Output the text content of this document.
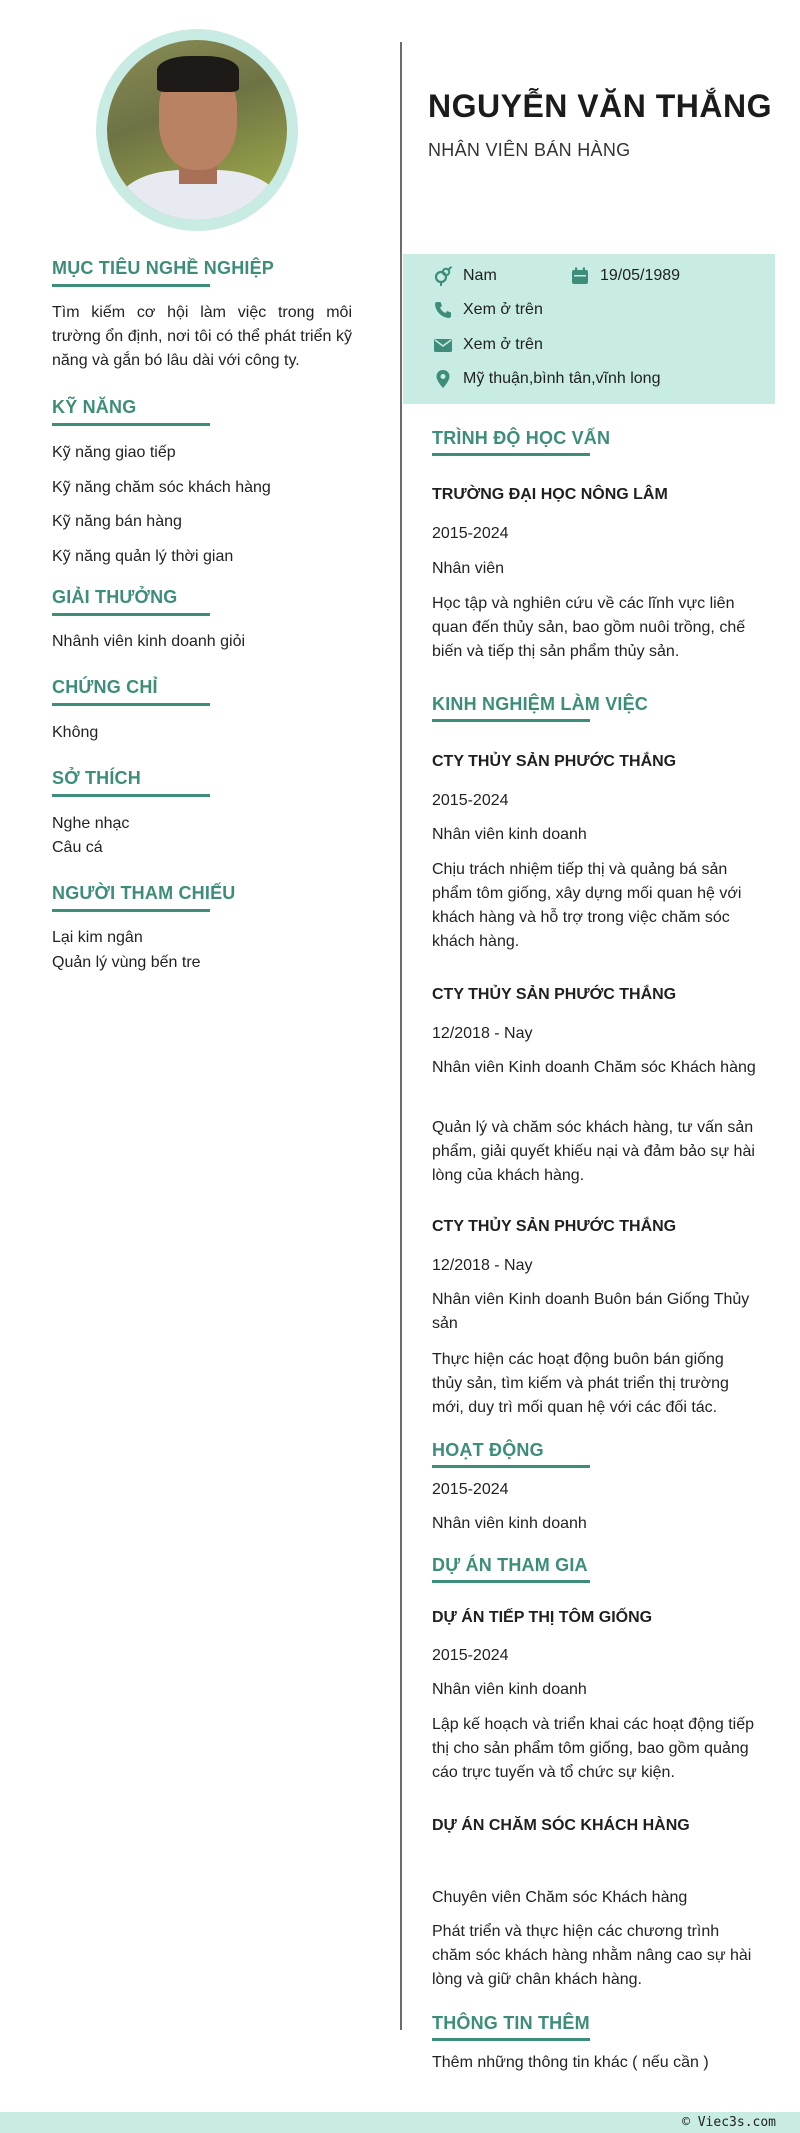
MỤC TIÊU NGHỀ NGHIỆP
Tìm kiếm cơ hội làm việc trong môi trường ổn định, nơi tôi có thể phát triển kỹ năng và gắn bó lâu dài với công ty.
KỸ NĂNG
Kỹ năng giao tiếp
Kỹ năng chăm sóc khách hàng
Kỹ năng bán hàng
Kỹ năng quản lý thời gian
GIẢI THƯỞNG
Nhânh viên kinh doanh giỏi
CHỨNG CHỈ
Không
SỞ THÍCH
Nghe nhạc
Câu cá
NGƯỜI THAM CHIẾU
Lại kim ngân
Quản lý vùng bến tre
NGUYỄN VĂN THẮNG
NHÂN VIÊN BÁN HÀNG
Nam	19/05/1989
Xem ở trên
Xem ở trên
Mỹ thuận,bình tân,vĩnh long
TRÌNH ĐỘ HỌC VẤN
TRƯỜNG ĐẠI HỌC NÔNG LÂM
2015-2024
Nhân viên
Học tập và nghiên cứu về các lĩnh vực liên quan đến thủy sản, bao gồm nuôi trồng, chế biến và tiếp thị sản phẩm thủy sản.
KINH NGHIỆM LÀM VIỆC
CTY THỦY SẢN PHƯỚC THẮNG
2015-2024
Nhân viên kinh doanh
Chịu trách nhiệm tiếp thị và quảng bá sản phẩm tôm giống, xây dựng mối quan hệ với khách hàng và hỗ trợ trong việc chăm sóc khách hàng.
CTY THỦY SẢN PHƯỚC THẮNG
12/2018 - Nay
Nhân viên Kinh doanh Chăm sóc Khách hàng
Quản lý và chăm sóc khách hàng, tư vấn sản phẩm, giải quyết khiếu nại và đảm bảo sự hài lòng của khách hàng.
CTY THỦY SẢN PHƯỚC THẮNG
12/2018 - Nay
Nhân viên Kinh doanh Buôn bán Giống Thủy sản
Thực hiện các hoạt động buôn bán giống thủy sản, tìm kiếm và phát triển thị trường mới, duy trì mối quan hệ với các đối tác.
HOẠT ĐỘNG
2015-2024
Nhân viên kinh doanh
DỰ ÁN THAM GIA
DỰ ÁN TIẾP THỊ TÔM GIỐNG
2015-2024
Nhân viên kinh doanh
Lập kế hoạch và triển khai các hoạt động tiếp thị cho sản phẩm tôm giống, bao gồm quảng cáo trực tuyến và tổ chức sự kiện.
DỰ ÁN CHĂM SÓC KHÁCH HÀNG
Chuyên viên Chăm sóc Khách hàng
Phát triển và thực hiện các chương trình chăm sóc khách hàng nhằm nâng cao sự hài lòng và giữ chân khách hàng.
THÔNG TIN THÊM
Thêm những thông tin khác ( nếu cần )
© Viec3s.com
